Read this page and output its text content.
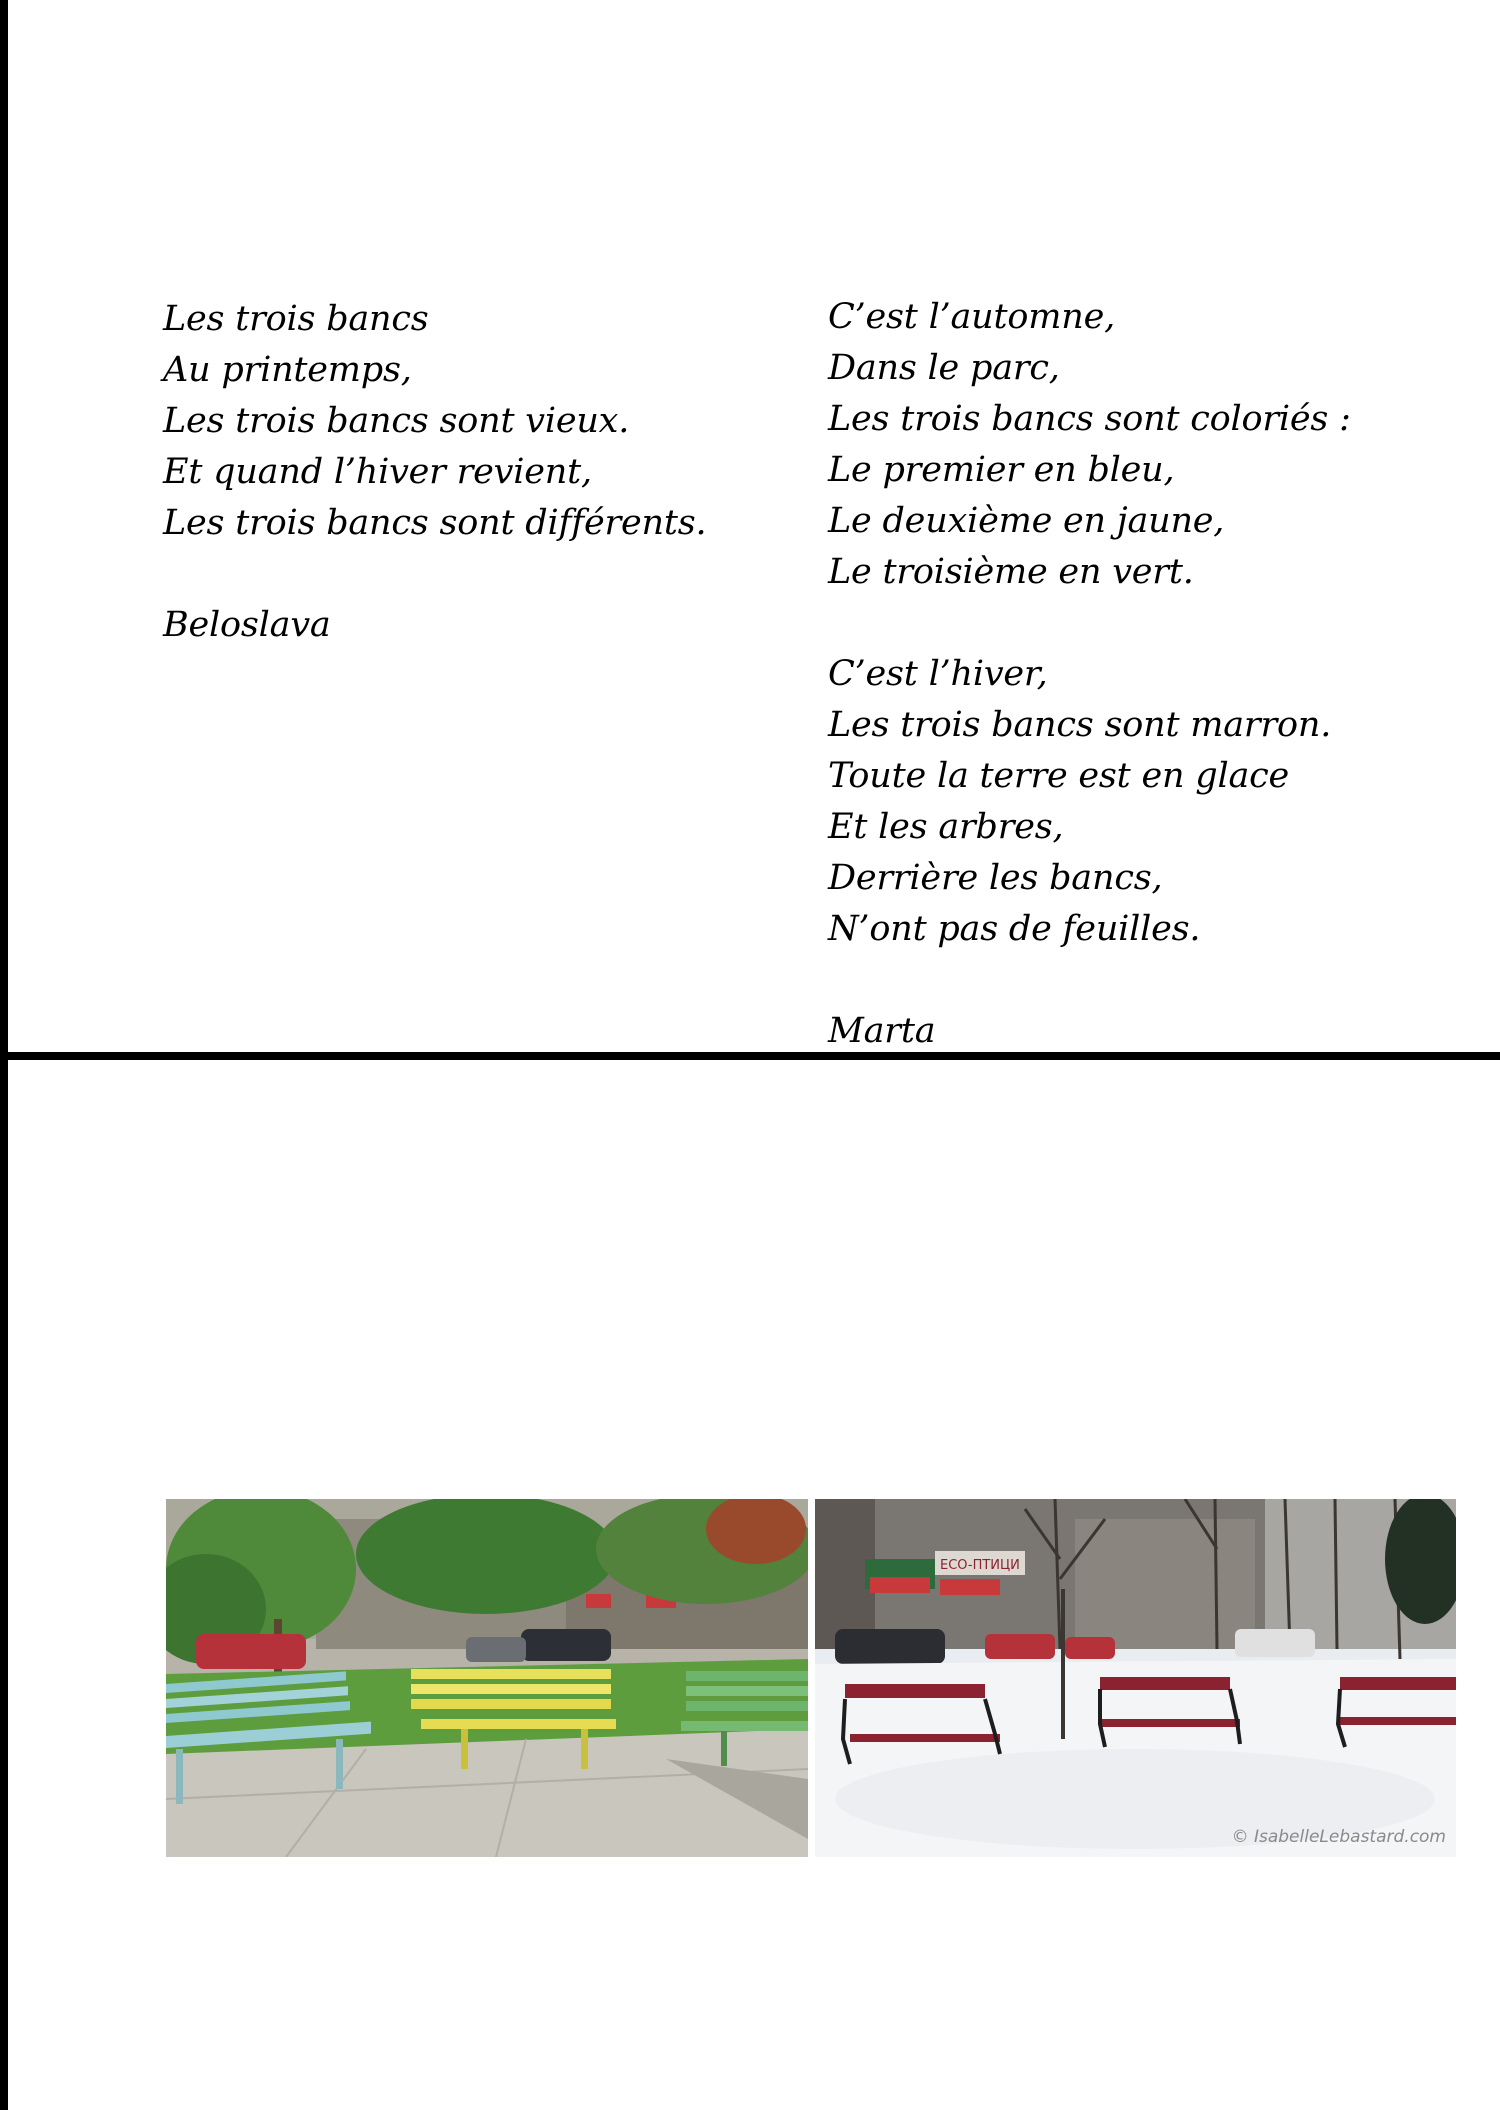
Les trois bancs
Au printemps,
Les trois bancs sont vieux.
Et quand l’hiver revient,
Les trois bancs sont différents.
Beloslava
C’est l’automne,
Dans le parc,
Les trois bancs sont coloriés :
Le premier en bleu,
Le deuxième en jaune,
Le troisième en vert.
C’est l’hiver,
Les trois bancs sont marron.
Toute la terre est en glace
Et les arbres,
Derrière les bancs,
N’ont pas de feuilles.
Marta
ECO-ПТИЦИ
© IsabelleLebastard.com
